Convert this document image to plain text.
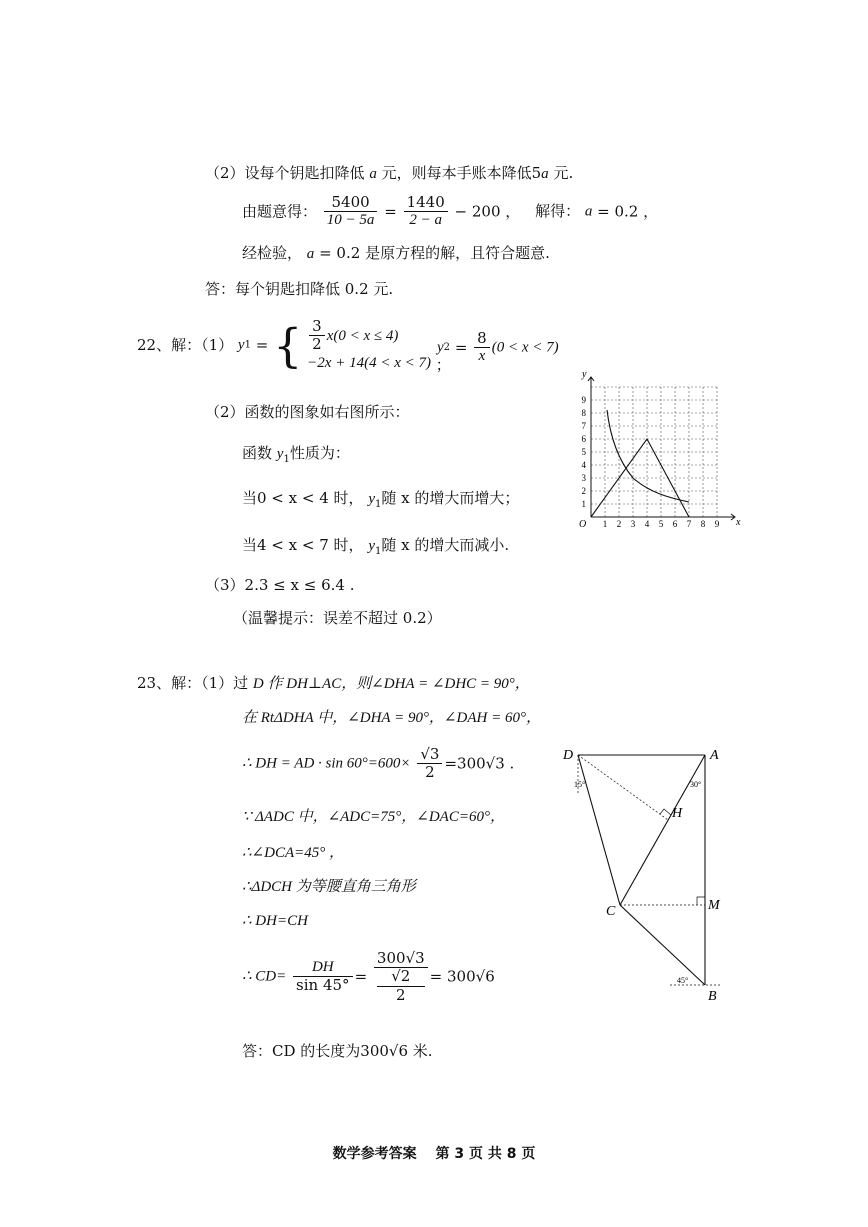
（2）设每个钥匙扣降低 a 元，则每本手账本降低5a 元.
由题意得： $\frac{5400}{10 - 5a} = \frac{1440}{2 - a} - 200$ ， 解得： a = 0.2 ，
经检验， a = 0.2 是原方程的解，且符合题意.
答：每个钥匙扣降低 0.2 元.
22、解：（1） y1 = { $\frac{3}{2} x(0 < x \le 4)$
−2x + 14(4 < x < 7) ；
$y2 = \frac{8}{x} (0 < x < 7)$
（2）函数的图象如右图所示：
函数 $y_1$性质为：
当0 < x < 4 时， $y_1$随 x 的增大而增大；
当4 < x < 7 时， $y_1$随 x 的增大而减小.
（3）2.3 ≤ x ≤ 6.4 .
（温馨提示：误差不超过 0.2）
y
x
O 1 2 3 4 5 6 7 8 9
1
2
3
4
5
6
7
8
9
23、解：（1）过 D 作 DH⊥AC，则∠DHA = ∠DHC = 90°，
在 RtΔDHA 中，∠DHA = 90°，∠DAH = 60°，
∴ DH = AD · $\sin 60^\circ=600\times \frac{√3}{2} =300√3$ .
∵ ΔADC 中，∠ADC=75°，∠DAC=60°，
∴∠DCA=45° ，
∴ΔDCH 为等腰直角三角形
∴ DH=CH
∴ $CD= \frac{DH}{\sin 45^\circ} = 300√3$
√2
2 = 300√6
答：CD 的长度为300√6 米.
D	A
H
C	M
B
15°	30°
45°
数学参考答案　 第 3 页 共 8 页
